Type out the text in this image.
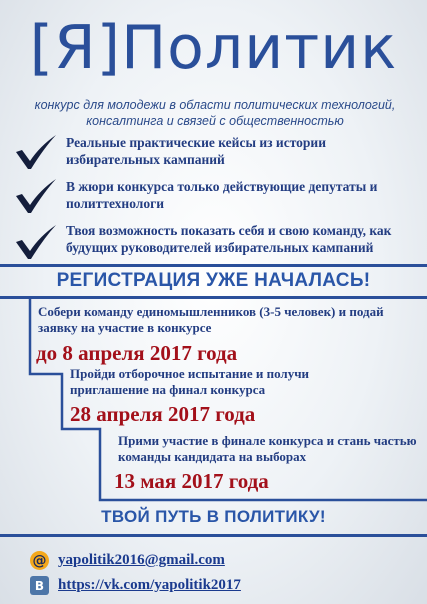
[Я]Политик
конкурс для молодежи в области политических технологий,
консалтинга и связей с общественностью
Реальные практические кейсы из истории избирательных кампаний
В жюри конкурса только действующие депутаты и политтехнологи
Твоя возможность показать себя и свою команду, как будущих руководителей избирательных кампаний
РЕГИСТРАЦИЯ УЖЕ НАЧАЛАСЬ!
Собери команду единомышленников (3-5 человек) и подай заявку на участие в конкурсе
до 8 апреля 2017 года
Пройди отборочное испытание и получи приглашение на финал конкурса
28 апреля 2017 года
Прими участие в финале конкурса и стань частью команды кандидата на выборах
13 мая 2017 года
ТВОЙ ПУТЬ В ПОЛИТИКУ!
@ yapolitik2016@gmail.com
В https://vk.com/yapolitik2017
